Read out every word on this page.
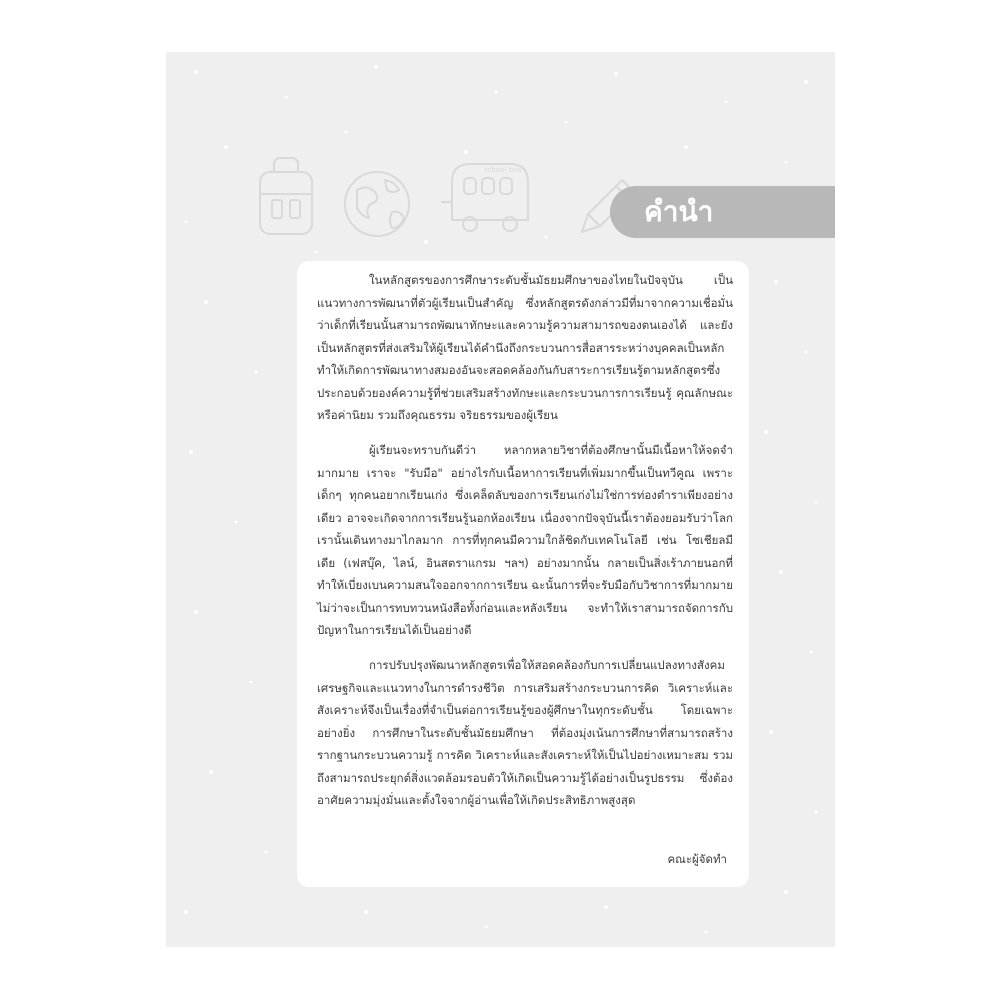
school bus
คำนำ

ในหลักสูตรของการศึกษาระดับชั้นมัธยมศึกษาของไทยในปัจจุบัน เป็นแนวทางการพัฒนาที่ตัวผู้เรียนเป็นสำคัญ ซึ่งหลักสูตรดังกล่าวมีที่มาจากความเชื่อมั่นว่าเด็กที่เรียนนั้นสามารถพัฒนาทักษะและความรู้ความสามารถของตนเองได้ และยังเป็นหลักสูตรที่ส่งเสริมให้ผู้เรียนได้คำนึงถึงกระบวนการสื่อสารระหว่างบุคคลเป็นหลัก ทำให้เกิดการพัฒนาทางสมองอันจะสอดคล้องกันกับสาระการเรียนรู้ตามหลักสูตรซึ่งประกอบด้วยองค์ความรู้ที่ช่วยเสริมสร้างทักษะและกระบวนการการเรียนรู้ คุณลักษณะหรือค่านิยม รวมถึงคุณธรรม จริยธรรมของผู้เรียน

ผู้เรียนจะทราบกันดีว่า หลากหลายวิชาที่ต้องศึกษานั้นมีเนื้อหาให้จดจำมากมาย เราจะ "รับมือ" อย่างไรกับเนื้อหาการเรียนที่เพิ่มมากขึ้นเป็นทวีคูณ เพราะเด็กๆ ทุกคนอยากเรียนเก่ง ซึ่งเคล็ดลับของการเรียนเก่งไม่ใช่การท่องตำราเพียงอย่างเดียว อาจจะเกิดจากการเรียนรู้นอกห้องเรียน เนื่องจากปัจจุบันนี้เราต้องยอมรับว่าโลกเรานั้นเดินทางมาไกลมาก การที่ทุกคนมีความใกล้ชิดกับเทคโนโลยี เช่น โซเชียลมีเดีย (เฟสบุ๊ค, ไลน์, อินสตราแกรม ฯลฯ) อย่างมากนั้น กลายเป็นสิ่งเร้าภายนอกที่ทำให้เบี่ยงเบนความสนใจออกจากการเรียน ฉะนั้นการที่จะรับมือกับวิชาการที่มากมายไม่ว่าจะเป็นการทบทวนหนังสือทั้งก่อนและหลังเรียน จะทำให้เราสามารถจัดการกับปัญหาในการเรียนได้เป็นอย่างดี

การปรับปรุงพัฒนาหลักสูตรเพื่อให้สอดคล้องกับการเปลี่ยนแปลงทางสังคม เศรษฐกิจและแนวทางในการดำรงชีวิต การเสริมสร้างกระบวนการคิด วิเคราะห์และสังเคราะห์จึงเป็นเรื่องที่จำเป็นต่อการเรียนรู้ของผู้ศึกษาในทุกระดับชั้น โดยเฉพาะอย่างยิ่ง การศึกษาในระดับชั้นมัธยมศึกษา ที่ต้องมุ่งเน้นการศึกษาที่สามารถสร้างรากฐานกระบวนความรู้ การคิด วิเคราะห์และสังเคราะห์ให้เป็นไปอย่างเหมาะสม รวมถึงสามารถประยุกต์สิ่งแวดล้อมรอบตัวให้เกิดเป็นความรู้ได้อย่างเป็นรูปธรรม ซึ่งต้องอาศัยความมุ่งมั่นและตั้งใจจากผู้อ่านเพื่อให้เกิดประสิทธิภาพสูงสุด

คณะผู้จัดทำ
